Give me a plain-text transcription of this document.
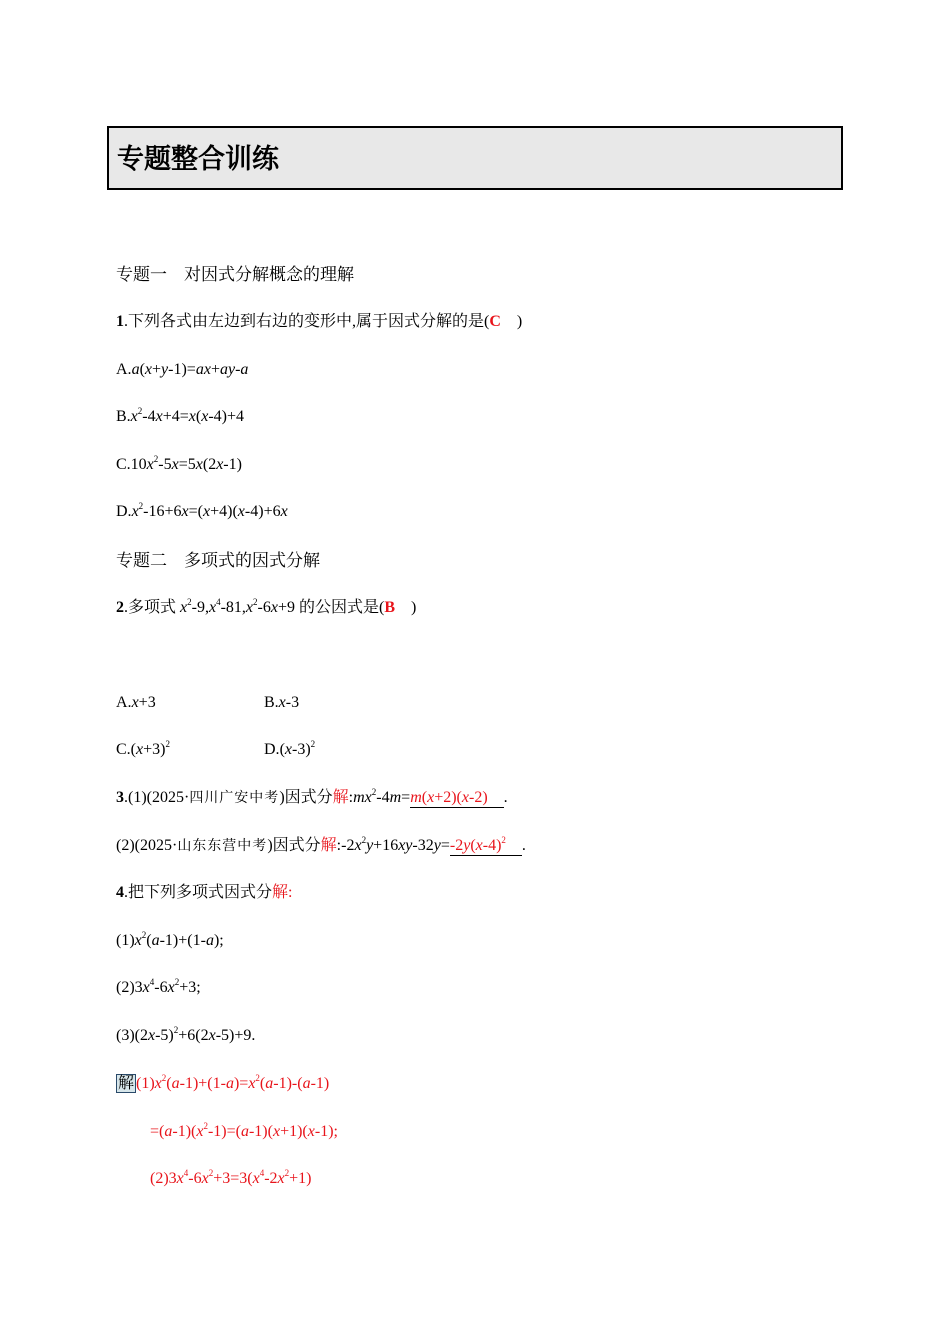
专题整合训练
专题一　对因式分解概念的理解
1.下列各式由左边到右边的变形中,属于因式分解的是(C　)
A.a(x+y-1)=ax+ay-a
$B.x^2-4x+4=x(x-4)+4$
$C.10x^2-5x=5x(2x-1)$
$D.x^2-16+6x=(x+4)(x-4)+6x$
专题二　多项式的因式分解
2.多项式 $x^2-9,x^4-81,x^2-6x+9$ 的公因式是(B　)
A.x+3	B.x-3
$C.(x+3)^2$	$D.(x-3)^2$
3.(1)(2025·四川广安中考)因式分解$:mx^2-4m=m(x+2)(x-2)$ .
(2)(2025·山东东营中考)因式分解$:-2x^2y+16xy-32y=-2y(x-4)^2$ .
4.把下列多项式因式分解:
$(1)x^2(a-1)+(1-a)$;
$(2)3x^4-6x^2+3$;
$(3)(2x-5)^2+6(2x-5)+9$.
解 $(1)x^2(a-1)+(1-a)=x^2(a-1)-(a-1)$
$=(a-1)(x^2-1)=(a-1)(x+1)(x-1)$;
$(2)3x^4-6x^2+3=3(x^4-2x^2+1)$
